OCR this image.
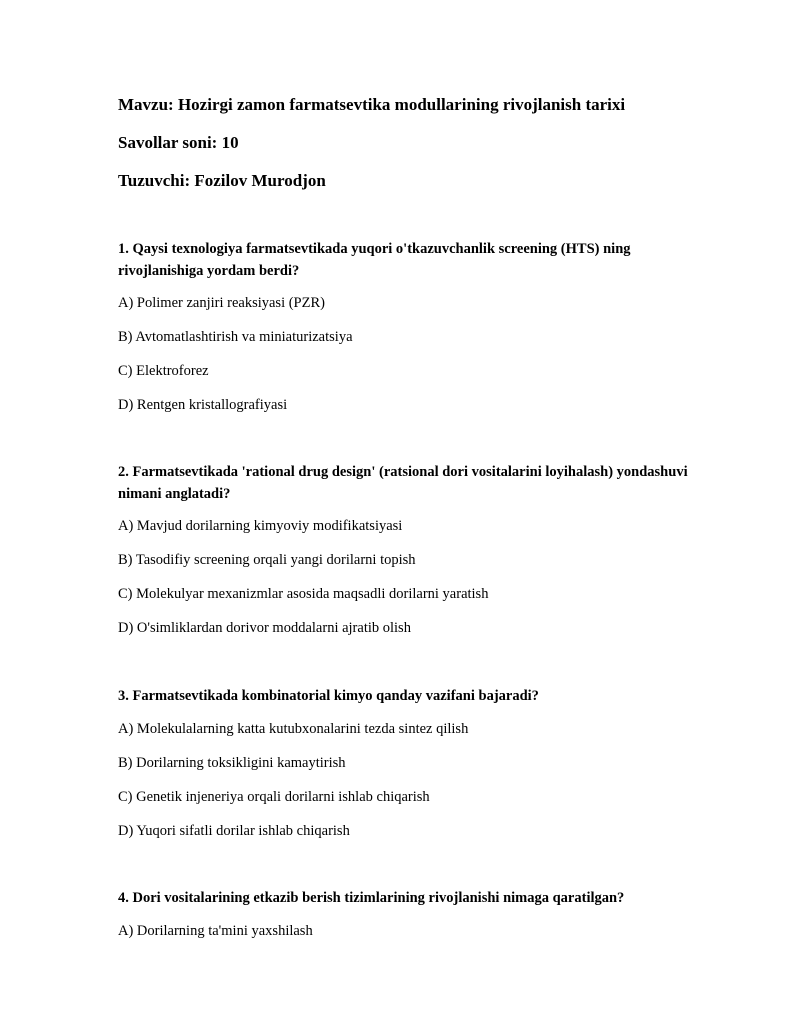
Mavzu: Hozirgi zamon farmatsevtika modullarining rivojlanish tarixi
Savollar soni: 10
Tuzuvchi: Fozilov Murodjon
1. Qaysi texnologiya farmatsevtikada yuqori o'tkazuvchanlik screening (HTS) ning rivojlanishiga yordam berdi?
A) Polimer zanjiri reaksiyasi (PZR)
B) Avtomatlashtirish va miniaturizatsiya
C) Elektroforez
D) Rentgen kristallografiyasi
2. Farmatsevtikada 'rational drug design' (ratsional dori vositalarini loyihalash) yondashuvi nimani anglatadi?
A) Mavjud dorilarning kimyoviy modifikatsiyasi
B) Tasodifiy screening orqali yangi dorilarni topish
C) Molekulyar mexanizmlar asosida maqsadli dorilarni yaratish
D) O'simliklardan dorivor moddalarni ajratib olish
3. Farmatsevtikada kombinatorial kimyo qanday vazifani bajaradi?
A) Molekulalarning katta kutubxonalarini tezda sintez qilish
B) Dorilarning toksikligini kamaytirish
C) Genetik injeneriya orqali dorilarni ishlab chiqarish
D) Yuqori sifatli dorilar ishlab chiqarish
4. Dori vositalarining etkazib berish tizimlarining rivojlanishi nimaga qaratilgan?
A) Dorilarning ta'mini yaxshilash
